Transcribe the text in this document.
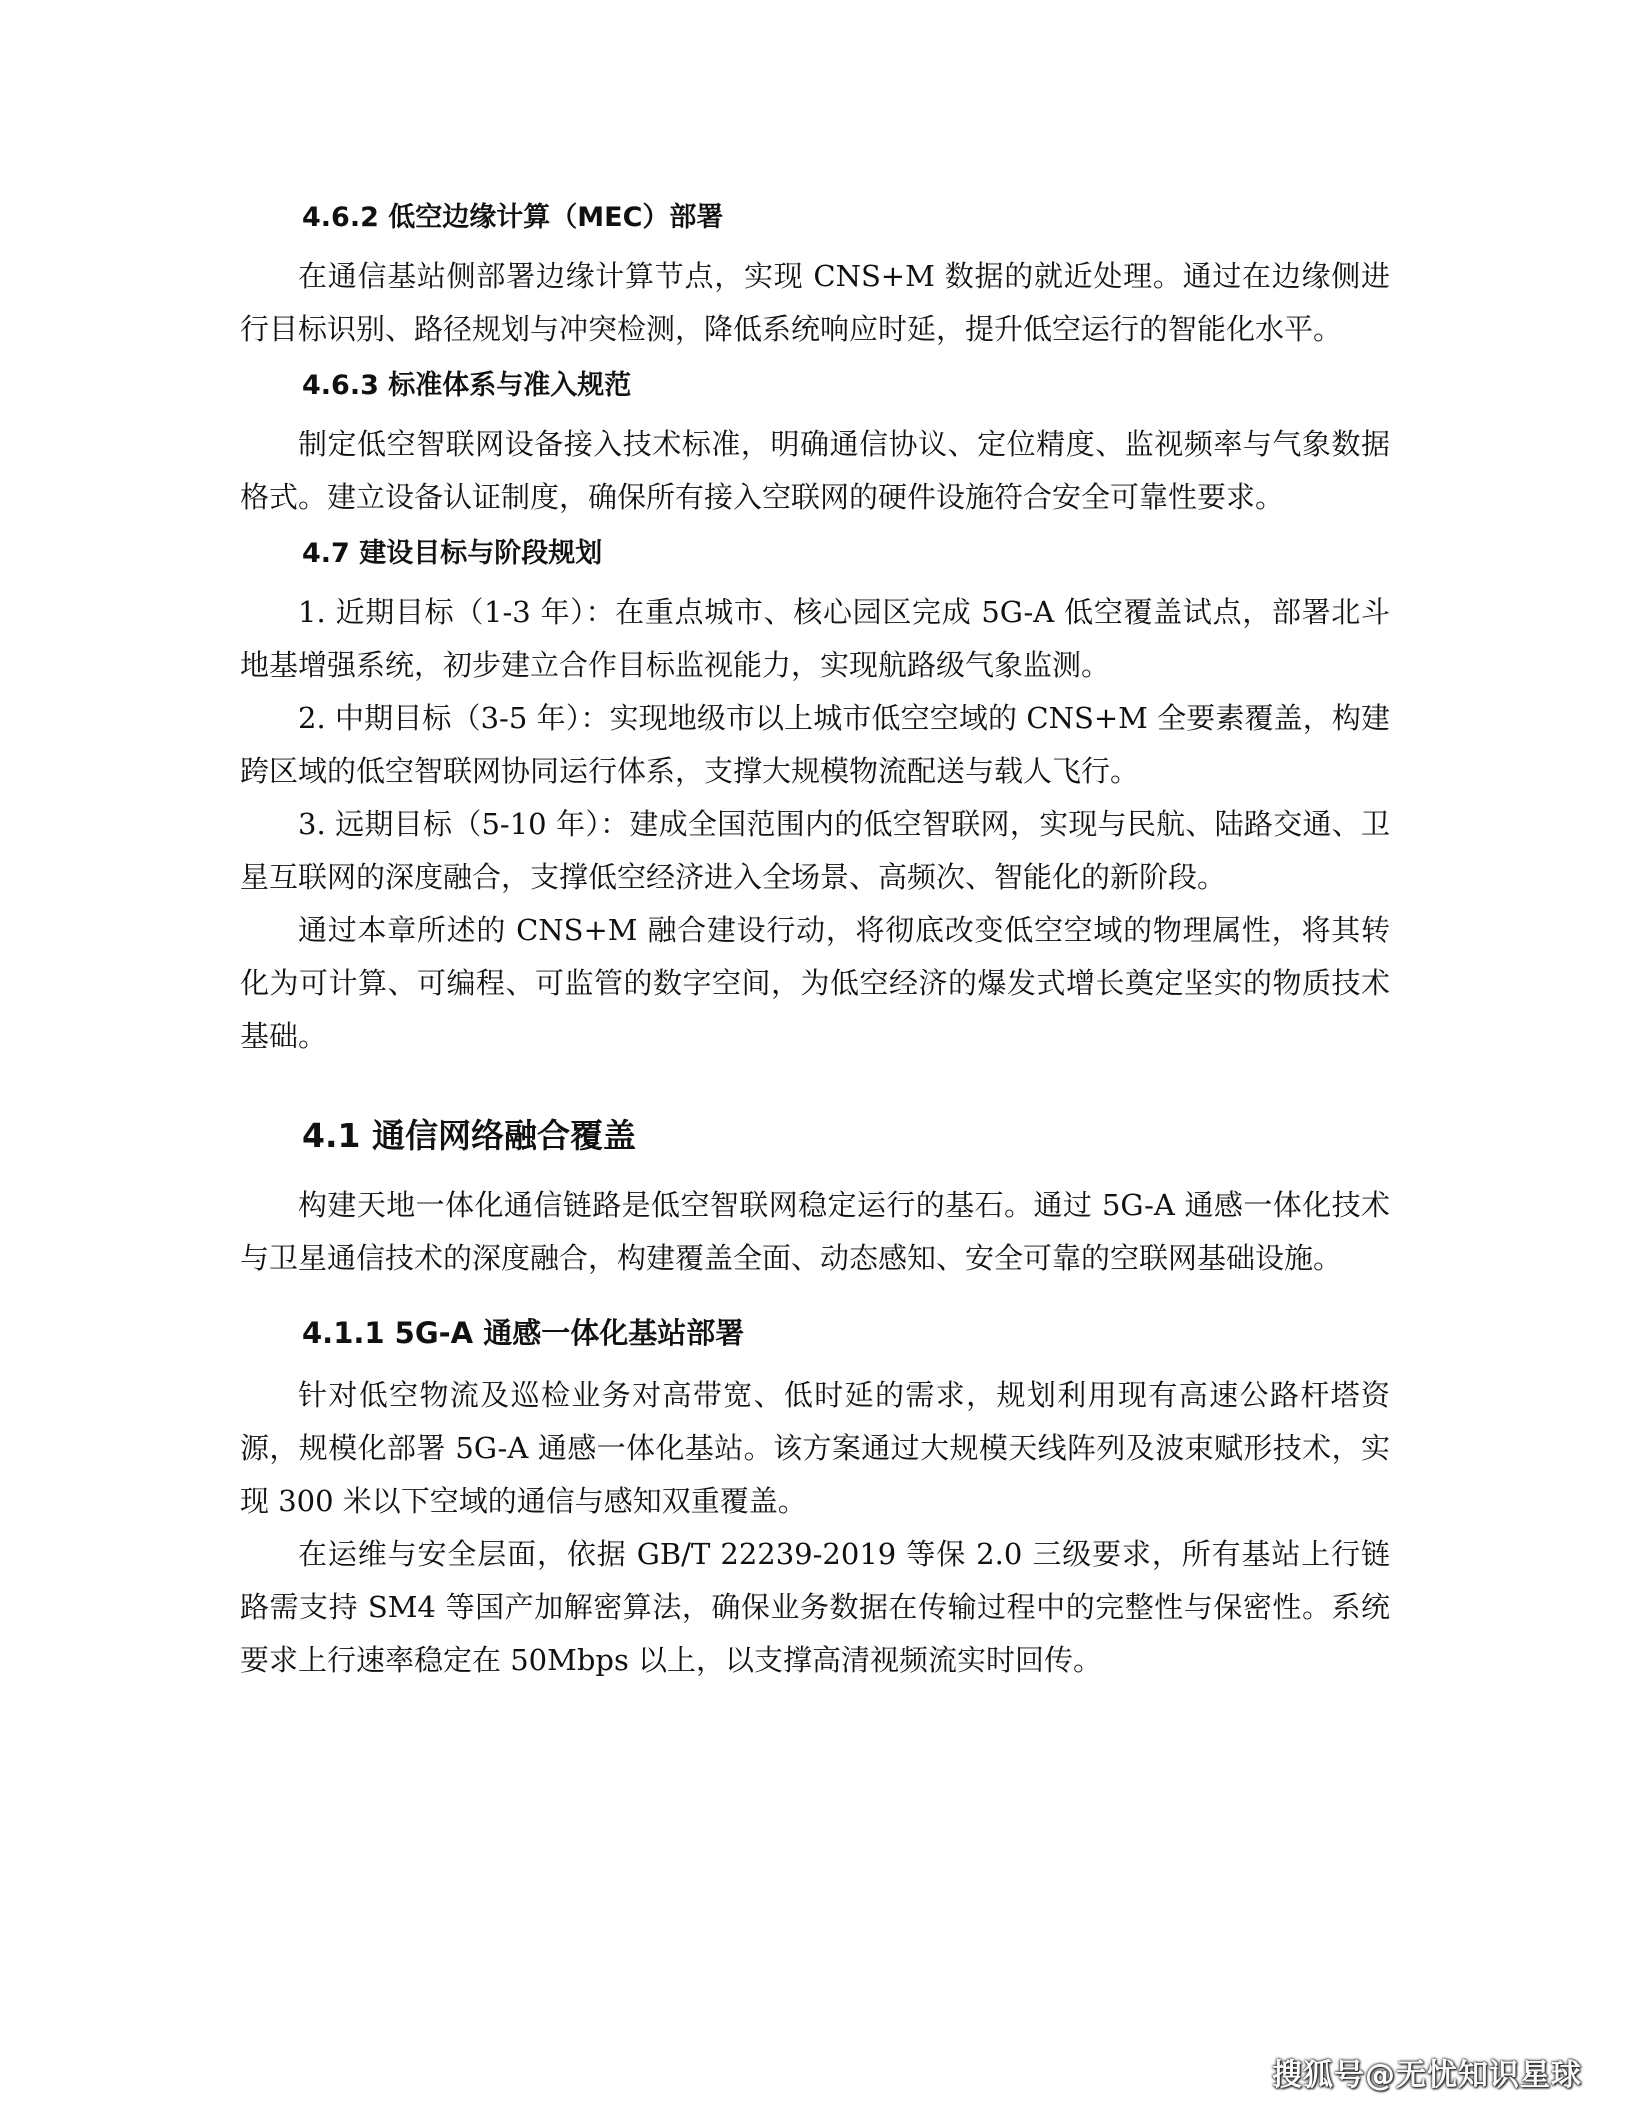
4.6.2 低空边缘计算（MEC）部署

在通信基站侧部署边缘计算节点，实现 CNS+M 数据的就近处理。通过在边缘侧进行目标识别、路径规划与冲突检测，降低系统响应时延，提升低空运行的智能化水平。

4.6.3 标准体系与准入规范

制定低空智联网设备接入技术标准，明确通信协议、定位精度、监视频率与气象数据格式。建立设备认证制度，确保所有接入空联网的硬件设施符合安全可靠性要求。

4.7 建设目标与阶段规划

1. 近期目标（1-3 年）：在重点城市、核心园区完成 5G-A 低空覆盖试点，部署北斗地基增强系统，初步建立合作目标监视能力，实现航路级气象监测。

2. 中期目标（3-5 年）：实现地级市以上城市低空空域的 CNS+M 全要素覆盖，构建跨区域的低空智联网协同运行体系，支撑大规模物流配送与载人飞行。

3. 远期目标（5-10 年）：建成全国范围内的低空智联网，实现与民航、陆路交通、卫星互联网的深度融合，支撑低空经济进入全场景、高频次、智能化的新阶段。

通过本章所述的 CNS+M 融合建设行动，将彻底改变低空空域的物理属性，将其转化为可计算、可编程、可监管的数字空间，为低空经济的爆发式增长奠定坚实的物质技术基础。

4.1 通信网络融合覆盖

构建天地一体化通信链路是低空智联网稳定运行的基石。通过 5G-A 通感一体化技术与卫星通信技术的深度融合，构建覆盖全面、动态感知、安全可靠的空联网基础设施。

4.1.1 5G-A 通感一体化基站部署

针对低空物流及巡检业务对高带宽、低时延的需求，规划利用现有高速公路杆塔资源，规模化部署 5G-A 通感一体化基站。该方案通过大规模天线阵列及波束赋形技术，实现 300 米以下空域的通信与感知双重覆盖。

在运维与安全层面，依据 GB/T 22239-2019 等保 2.0 三级要求，所有基站上行链路需支持 SM4 等国产加解密算法，确保业务数据在传输过程中的完整性与保密性。系统要求上行速率稳定在 50Mbps 以上，以支撑高清视频流实时回传。

搜狐号@无忧知识星球
